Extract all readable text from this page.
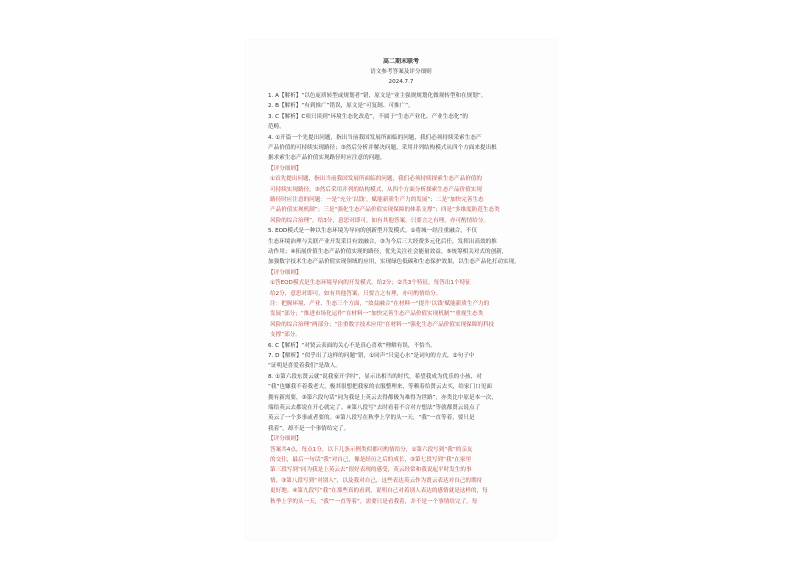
高二期末联考
语文参考答案及评分细则
2024.7.7
1. A【解析】“以色庞质转型或规划者”错，原文是“业主强规规划化做观转型和在规划”。
2. B【解析】“有到推广”错误，原文是“可复制、可推广”。
3. C【解析】C项只谈到“环境生态化改造”，不属于“生态产业化、产业生态化”的
范畴。
4. ①开篇一个先提出问题，指出当前我国发展所面临的问题，我们必须持续采索生态产
产品价值的可持续实现路径；③然后分析并解决问题，采用并列结构模式从四个方面来提出根
据求索生态产品价值实现路径时应注意的问题。
【评分细则】
①首先提出问题，指出当前我国发展所面临的问题，我们必须持续探索生态产品价值的
可持续实现路径，③然后采用并列的结构模式，从四个方面分析探索生态产品价值实现
路径时应注意的问题：一是“充分‘以钱’，赋能新质生产力的发展”；二是“加快完善生态
产品价值实现机制”；三是“强化生态产品价值实现保障的体系支撑”；四是“多维度防范生态类
风险的综合治理”。给3分，意思对即可，如有其他答案，只要言之有理，亦可酌情给分。
5. EOD模式是一种以生态环境为导向的创新型开发模式。①将城一经注重融合，不仅
生态环境治理与关联产业开发采目有效融合，③为今后三大经费多元化后任，发挥出高效的推
动作用；④拓展价值生态产品价值实现的路径，优先关注社会能量效益。⑤统筹相关对式的创新，
加强数字技术生态产品价值实现领域的应用，实现绿色低碳和生态保护效果，以生态产品化打动实现。
【评分细则】
①答EOD模式是生态环境导向的开发模式，给2分；②共3个特征，每答出1个特征
给2分，意思对即可，如有其他答案，只要言之有理，亦可酌情给分。
注：把握环境、产业、生态三个方面，“效益融合”在材料一“提升‘以钱’赋能新质生产力的
发展”部分；“推进市场化运作”在材料一“加快完善生态产品价值实现机制”“重视生态类
风险的综合治理”两部分；“注重数字技术应用”在材料一“强化生态产品价值实现保障的科技
支撑”部分。
6. C【解析】“对贤云表面的关心不是真心喜欢”理解有误，不恰当。
7. D【解析】“似乎出了这样的问题”错，①同声“只觉心水”是词句的方式，②句子中
“证明是喜爱着我们”是敌人。
8. ①第六段东贤云就“说我家开学时”，显示出相当的时代，希望我成为优乐的小孩，对
“我”也嫌我不着我老大，极其很想把我家的衣服整理来，等赖着给贤云去买，给家门口见面
拥有新需要，③第六段句话“同为我是上英云去得都极为难得为世路”，亦类比中原是本一次，
端给英云去都说在开心就完了。④第八段写“去时看着不合对方想法”等就都贤云说点了
英云了一个多事或者要的。④第八段写在秋季上学的头一天，“我”一直等着，要只是
我着”，却不是一个事情给完了。
【评分细则】
答案共4点，每点1分，以下几条示例类似都可酌情给分，①第六段写到“我”的亲友
的交往，最后一句话“我”对自己，像是经历之后的成长，③第七段写到“我”在家里
第三段写到“同为我是上英云去”很好表现的感受，英云经常和我说起平时发生的事
情，③第八段写到“对别人”，以及我对自己，这些表达英云作为贤云表达对自己的期待
更好地。④第九段写“我”在那些真的看到，说明自己对着别人表达的感情就是这样的，每
秋季上学的头一天，“我”“一直等着”，需要只是看我着，并不是一个事情给完了。每
